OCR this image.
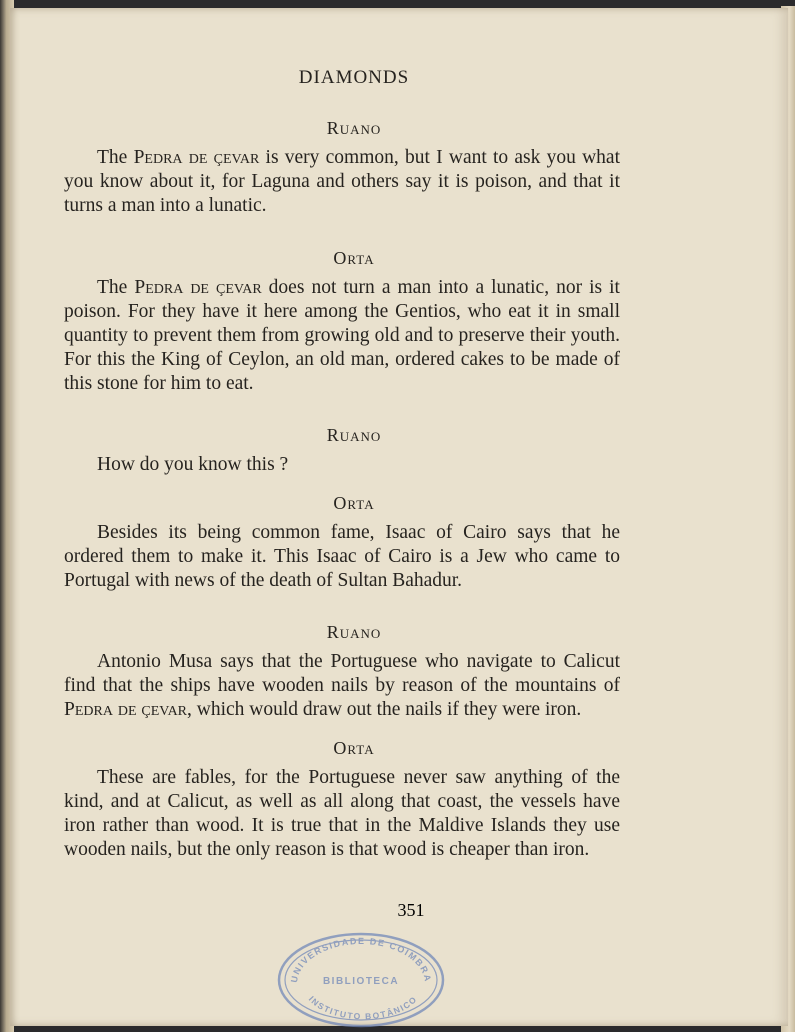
DIAMONDS
Ruano

The Pedra de çevar is very common, but I want to ask you what you know about it, for Laguna and others say it is poison, and that it turns a man into a lunatic.

Orta

The Pedra de çevar does not turn a man into a lunatic, nor is it poison. For they have it here among the Gentios, who eat it in small quantity to prevent them from growing old and to preserve their youth. For this the King of Ceylon, an old man, ordered cakes to be made of this stone for him to eat.

Ruano

How do you know this ?

Orta

Besides its being common fame, Isaac of Cairo says that he ordered them to make it. This Isaac of Cairo is a Jew who came to Portugal with news of the death of Sultan Bahadur.

Ruano

Antonio Musa says that the Portuguese who navigate to Calicut find that the ships have wooden nails by reason of the mountains of Pedra de çevar, which would draw out the nails if they were iron.

Orta

These are fables, for the Portuguese never saw anything of the kind, and at Calicut, as well as all along that coast, the vessels have iron rather than wood. It is true that in the Maldive Islands they use wooden nails, but the only reason is that wood is cheaper than iron.

351
UNIVERSIDADE DE COIMBRA
BIBLIOTECA
INSTITUTO BOTÂNICO
